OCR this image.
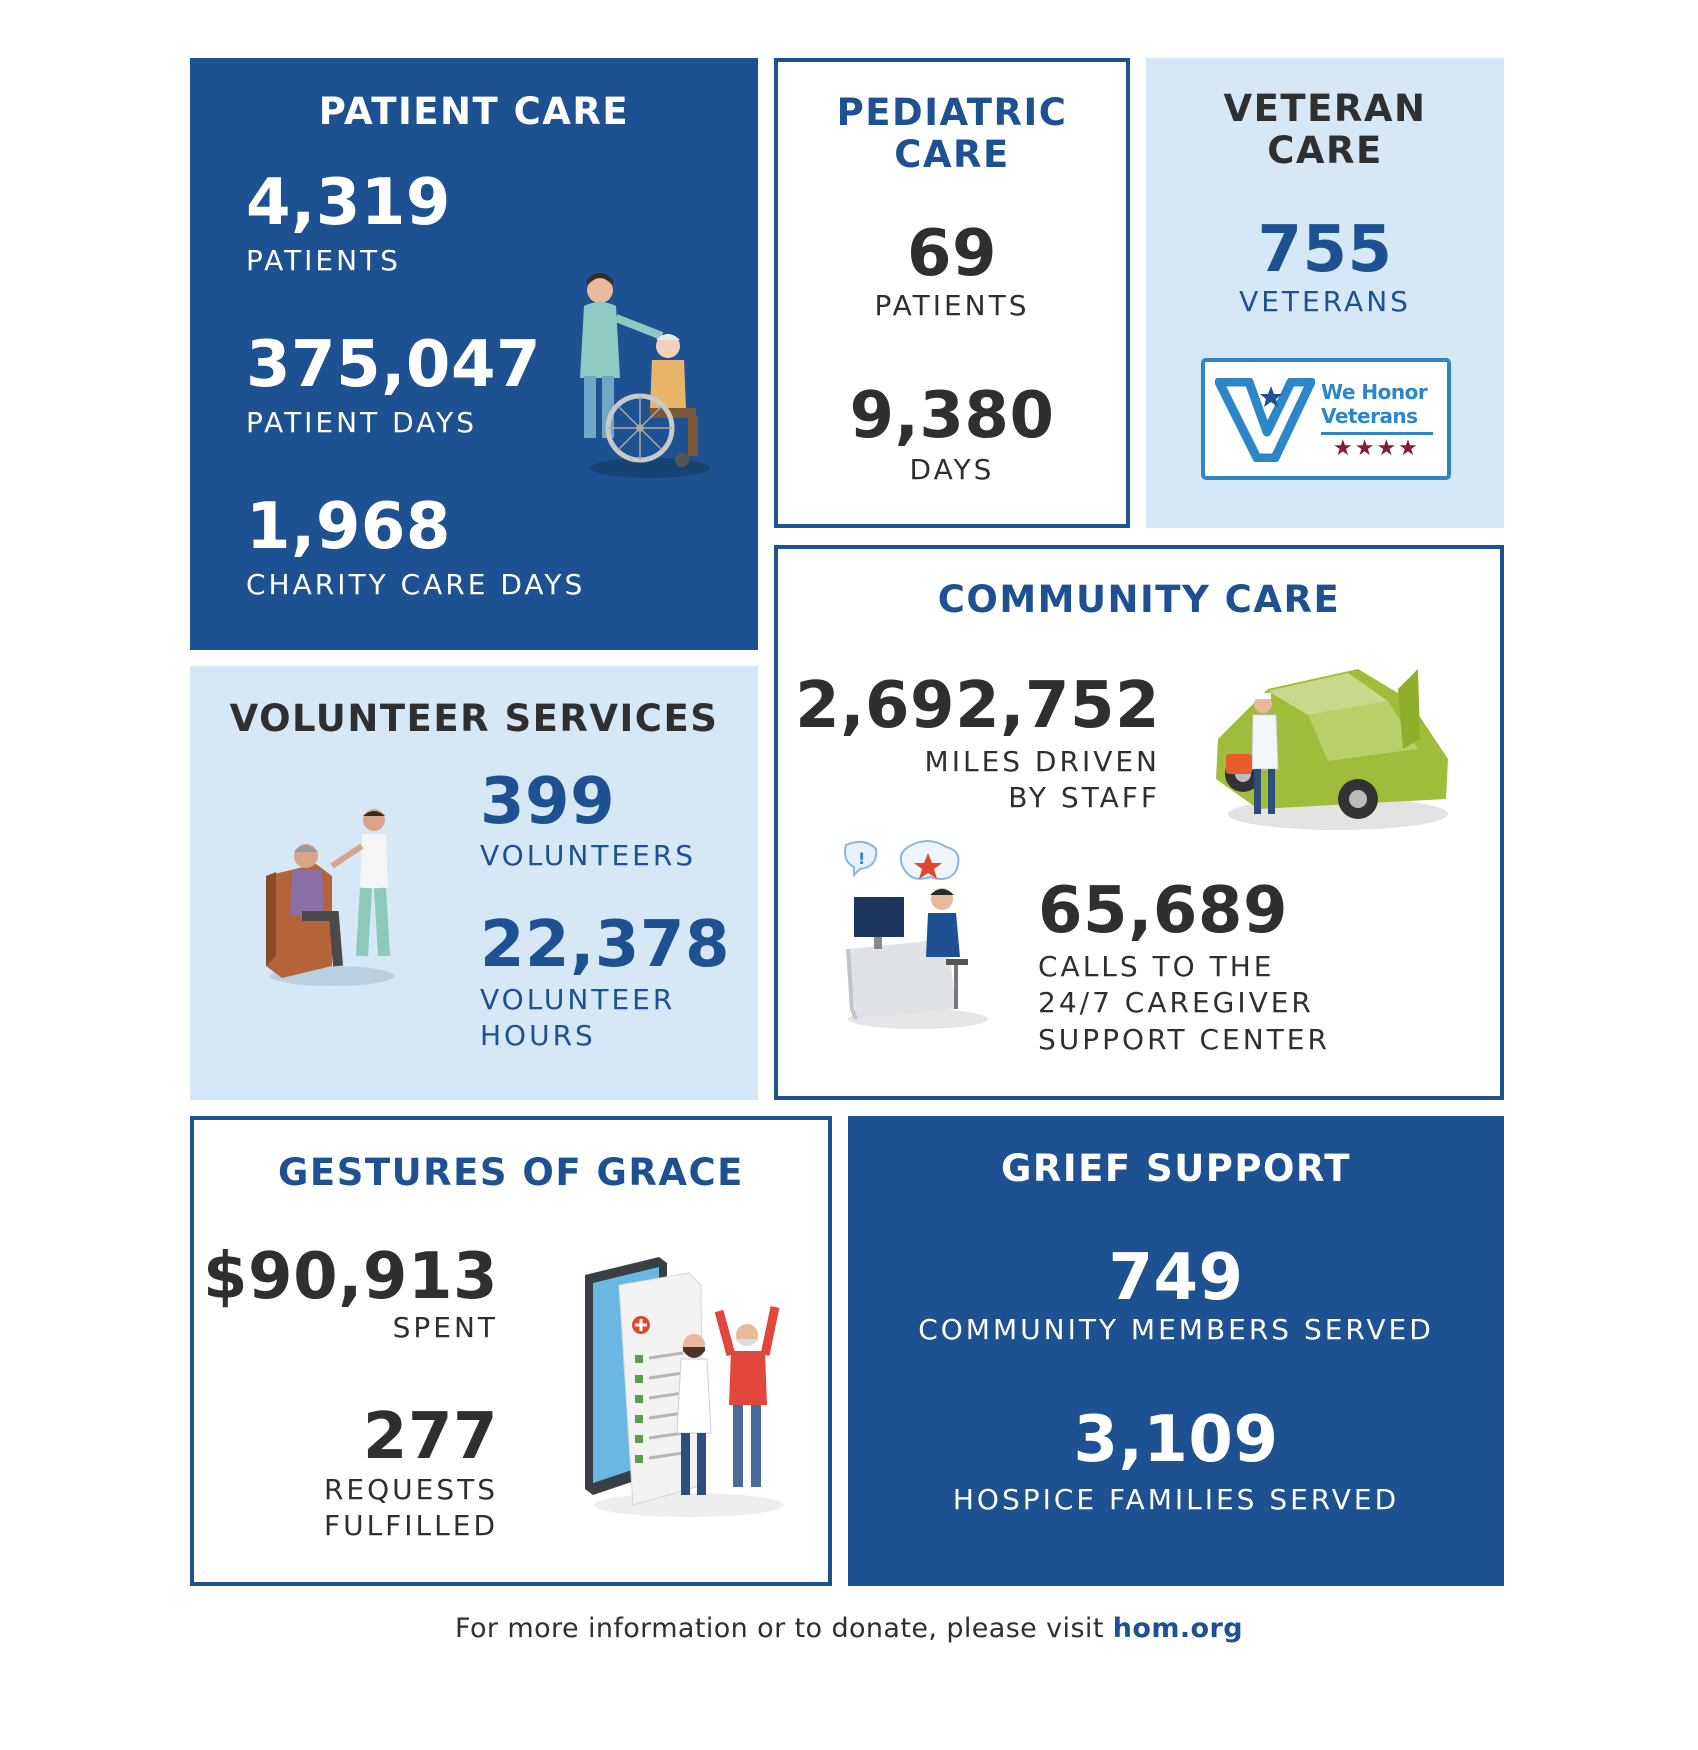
PATIENT CARE
4,319
PATIENTS
375,047
PATIENT DAYS
1,968
CHARITY CARE DAYS
PEDIATRIC
CARE
69
PATIENTS
9,380
DAYS
VETERAN
CARE
755
VETERANS
We Honor
Veterans
★★★★
VOLUNTEER SERVICES
399
VOLUNTEERS
22,378
VOLUNTEER
HOURS
COMMUNITY CARE
2,692,752
MILES DRIVEN
BY STAFF
65,689
CALLS TO THE
24/7 CAREGIVER
SUPPORT CENTER
!
GESTURES OF GRACE
$90,913
SPENT
277
REQUESTS
FULFILLED
GRIEF SUPPORT
749
COMMUNITY MEMBERS SERVED
3,109
HOSPICE FAMILIES SERVED
For more information or to donate, please visit hom.org
